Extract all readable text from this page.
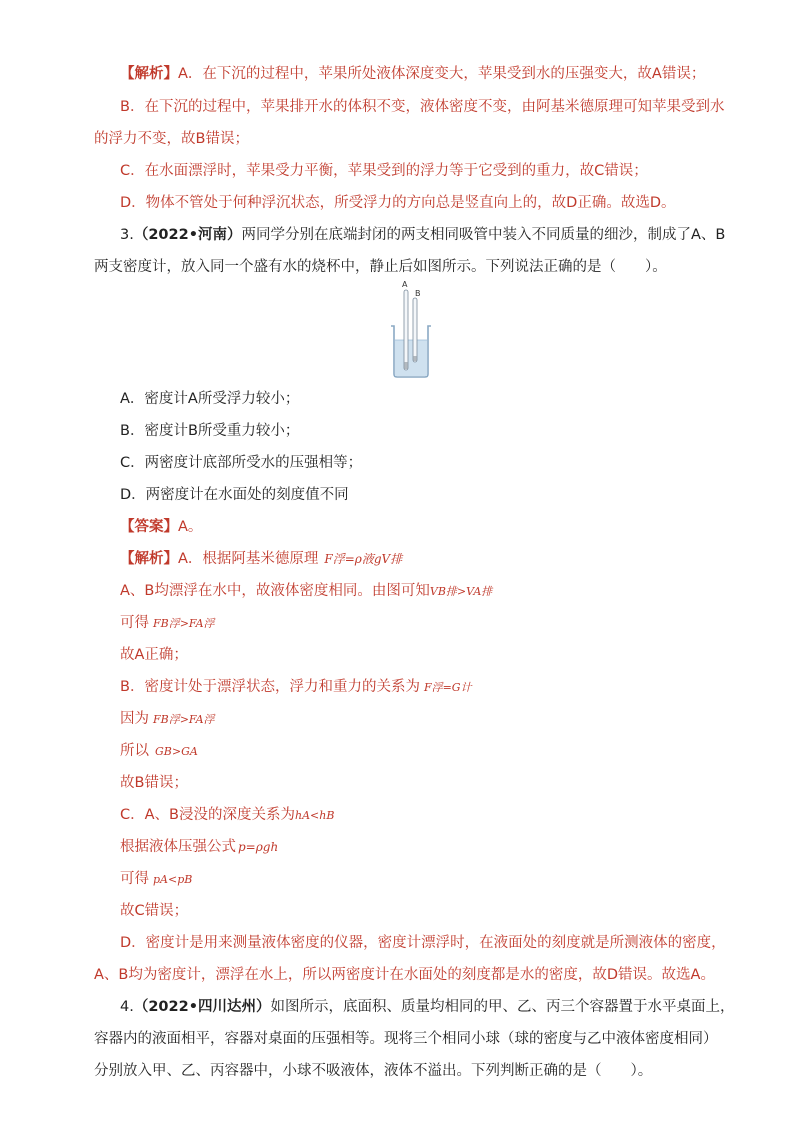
【解析】A．在下沉的过程中，苹果所处液体深度变大，苹果受到水的压强变大，故A错误；
B．在下沉的过程中，苹果排开水的体积不变，液体密度不变，由阿基米德原理可知苹果受到水
的浮力不变，故B错误；
C．在水面漂浮时，苹果受力平衡，苹果受到的浮力等于它受到的重力，故C错误；
D．物体不管处于何种浮沉状态，所受浮力的方向总是竖直向上的，故D正确。故选D。
3.（2022•河南）两同学分别在底端封闭的两支相同吸管中装入不同质量的细沙，制成了A、B
两支密度计，放入同一个盛有水的烧杯中，静止后如图所示。下列说法正确的是（　　）。
A
B
A．密度计A所受浮力较小；
B．密度计B所受重力较小；
C．两密度计底部所受水的压强相等；
D．两密度计在水面处的刻度值不同
【答案】A。
【解析】A．根据阿基米德原理 F浮=ρ液gV排
A、B均漂浮在水中，故液体密度相同。由图可知VB排>VA排
可得 FB浮>FA浮
故A正确；
B．密度计处于漂浮状态，浮力和重力的关系为 F浮=G计
因为 FB浮>FA浮
所以 GB>GA
故B错误；
C．A、B浸没的深度关系为hA<hB
根据液体压强公式 p=ρgh
可得 pA<pB
故C错误；
D．密度计是用来测量液体密度的仪器，密度计漂浮时，在液面处的刻度就是所测液体的密度，
A、B均为密度计，漂浮在水上，所以两密度计在水面处的刻度都是水的密度，故D错误。故选A。
4.（2022•四川达州）如图所示，底面积、质量均相同的甲、乙、丙三个容器置于水平桌面上，
容器内的液面相平，容器对桌面的压强相等。现将三个相同小球（球的密度与乙中液体密度相同）
分别放入甲、乙、丙容器中，小球不吸液体，液体不溢出。下列判断正确的是（　　）。
